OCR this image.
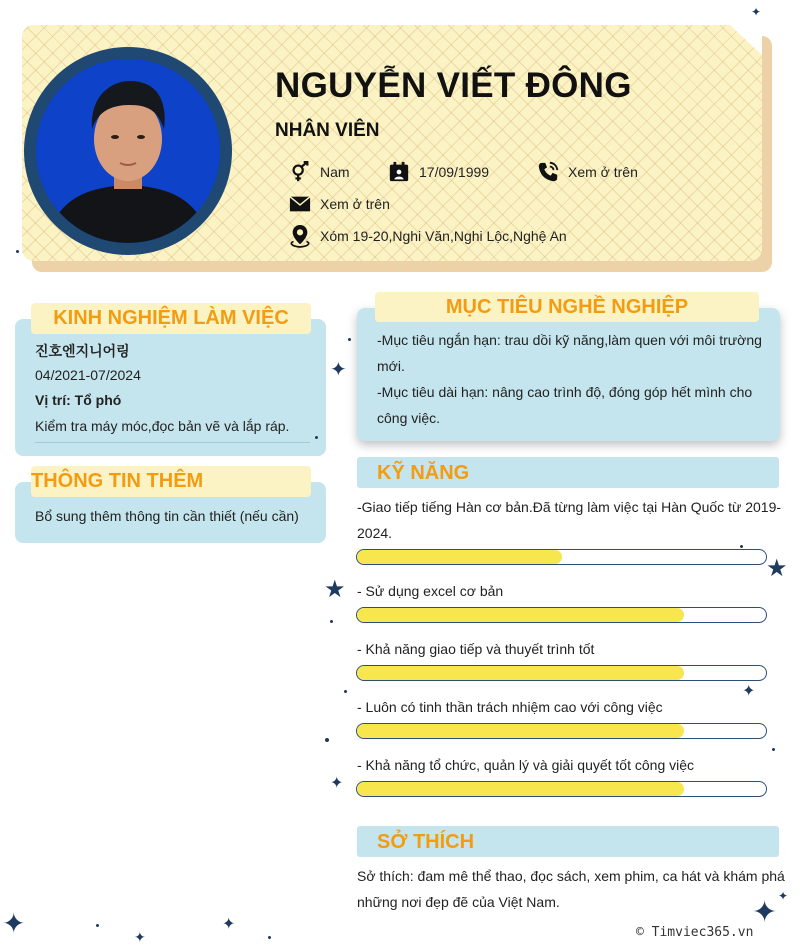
NGUYỄN VIẾT ĐÔNG
NHÂN VIÊN
Nam	17/09/1999	Xem ở trên
Xem ở trên
Xóm 19-20,Nghi Văn,Nghi Lộc,Nghệ An
KINH NGHIỆM LÀM VIỆC
진호엔지니어링
04/2021-07/2024
Vị trí: Tổ phó
Kiểm tra máy móc,đọc bản vẽ và lắp ráp.
THÔNG TIN THÊM
Bổ sung thêm thông tin cần thiết (nếu cần)
MỤC TIÊU NGHỀ NGHIỆP
-Mục tiêu ngắn hạn: trau dồi kỹ năng,làm quen với môi trường
mới.
-Mục tiêu dài hạn: nâng cao trình độ, đóng góp hết mình cho
công việc.
KỸ NĂNG
-Giao tiếp tiếng Hàn cơ bản.Đã từng làm việc tại Hàn Quốc từ 2019-
2024.
- Sử dụng excel cơ bản
- Khả năng giao tiếp và thuyết trình tốt
- Luôn có tinh thần trách nhiệm cao với công việc
- Khả năng tổ chức, quản lý và giải quyết tốt công việc
SỞ THÍCH
Sở thích: đam mê thể thao, đọc sách, xem phim, ca hát và khám phá
những nơi đẹp đẽ của Việt Nam.
✦
★
★
✦
✦
✦	✦
✦
✦
✦
✦
© Timviec365.vn
